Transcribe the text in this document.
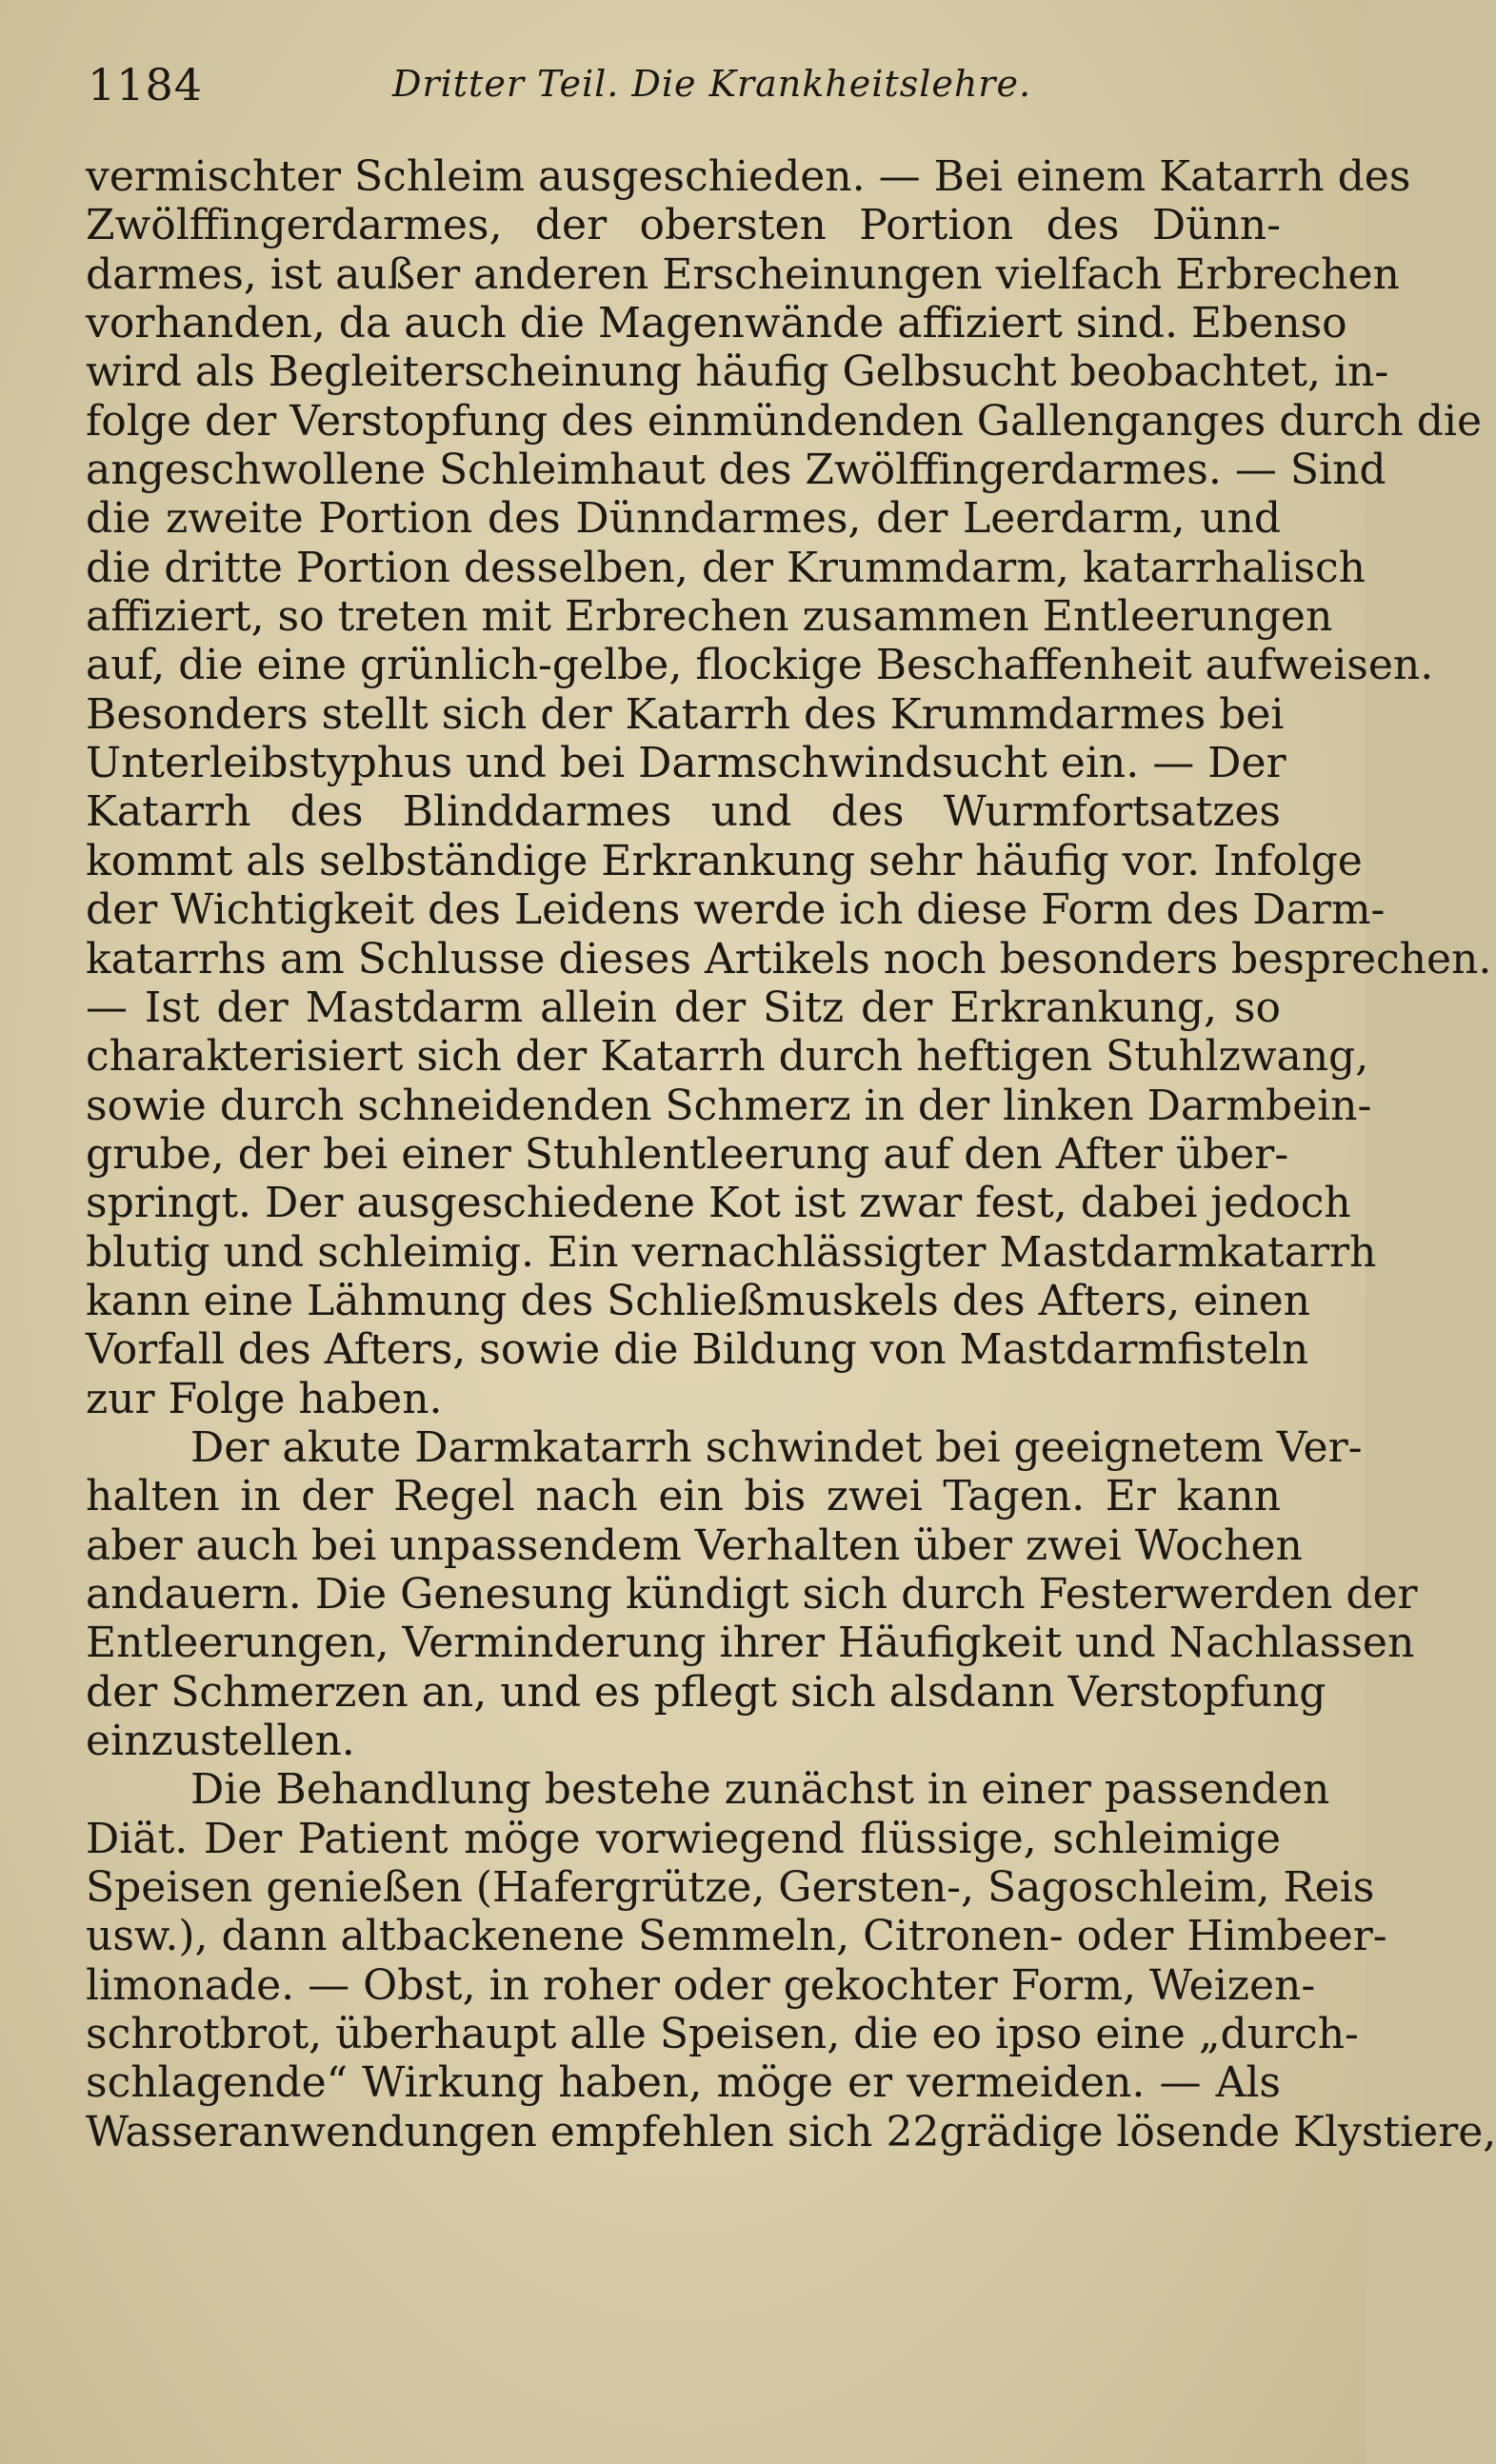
1184	Dritter Teil. Die Krankheitslehre.
vermischter Schleim ausgeschieden. — Bei einem Katarrh des
Zwölffingerdarmes, der obersten Portion des Dünn-
darmes, ist außer anderen Erscheinungen vielfach Erbrechen
vorhanden, da auch die Magenwände affiziert sind. Ebenso
wird als Begleiterscheinung häufig Gelbsucht beobachtet, in-
folge der Verstopfung des einmündenden Gallenganges durch die
angeschwollene Schleimhaut des Zwölffingerdarmes. — Sind
die zweite Portion des Dünndarmes, der Leerdarm, und
die dritte Portion desselben, der Krummdarm, katarrhalisch
affiziert, so treten mit Erbrechen zusammen Entleerungen
auf, die eine grünlich-gelbe, flockige Beschaffenheit aufweisen.
Besonders stellt sich der Katarrh des Krummdarmes bei
Unterleibstyphus und bei Darmschwindsucht ein. — Der
Katarrh des Blinddarmes und des Wurmfortsatzes
kommt als selbständige Erkrankung sehr häufig vor. Infolge
der Wichtigkeit des Leidens werde ich diese Form des Darm-
katarrhs am Schlusse dieses Artikels noch besonders besprechen.
— Ist der Mastdarm allein der Sitz der Erkrankung, so
charakterisiert sich der Katarrh durch heftigen Stuhlzwang,
sowie durch schneidenden Schmerz in der linken Darmbein-
grube, der bei einer Stuhlentleerung auf den After über-
springt. Der ausgeschiedene Kot ist zwar fest, dabei jedoch
blutig und schleimig. Ein vernachlässigter Mastdarmkatarrh
kann eine Lähmung des Schließmuskels des Afters, einen
Vorfall des Afters, sowie die Bildung von Mastdarmfisteln
zur Folge haben.
Der akute Darmkatarrh schwindet bei geeignetem Ver-
halten in der Regel nach ein bis zwei Tagen. Er kann
aber auch bei unpassendem Verhalten über zwei Wochen
andauern. Die Genesung kündigt sich durch Festerwerden der
Entleerungen, Verminderung ihrer Häufigkeit und Nachlassen
der Schmerzen an, und es pflegt sich alsdann Verstopfung
einzustellen.
Die Behandlung bestehe zunächst in einer passenden
Diät. Der Patient möge vorwiegend flüssige, schleimige
Speisen genießen (Hafergrütze, Gersten-, Sagoschleim, Reis
usw.), dann altbackenene Semmeln, Citronen- oder Himbeer-
limonade. — Obst, in roher oder gekochter Form, Weizen-
schrotbrot, überhaupt alle Speisen, die eo ipso eine „durch-
schlagende“ Wirkung haben, möge er vermeiden. — Als
Wasseranwendungen empfehlen sich 22grädige lösende Klystiere,
